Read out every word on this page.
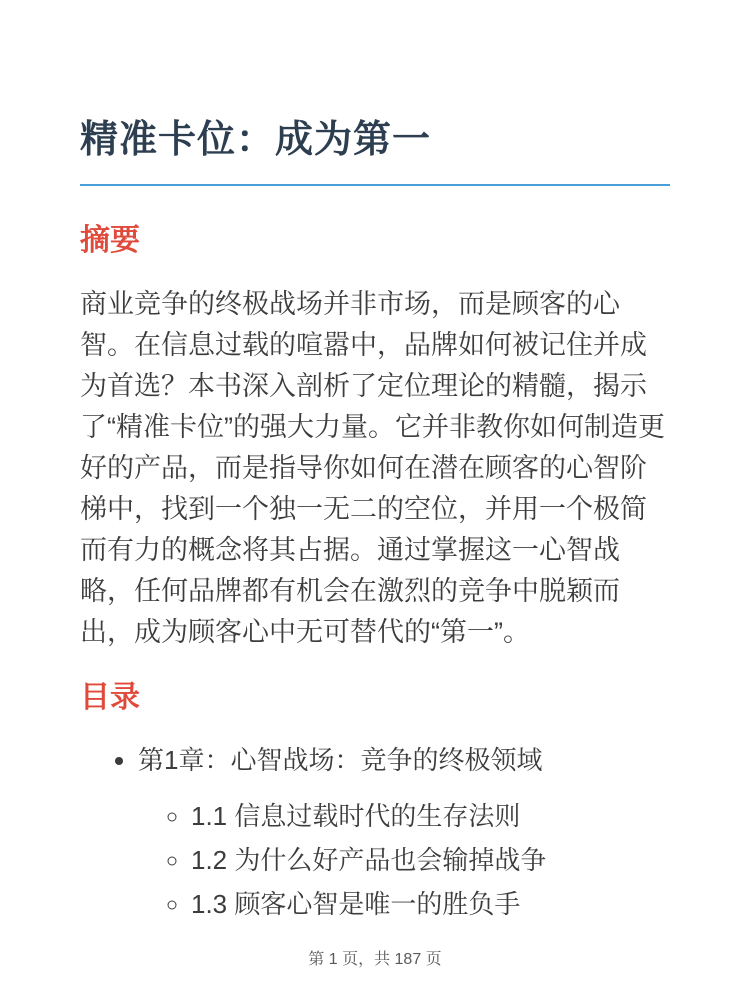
精准卡位：成为第一
摘要

商业竞争的终极战场并非市场，而是顾客的心智。在信息过载的喧嚣中，品牌如何被记住并成为首选？本书深入剖析了定位理论的精髓，揭示了“精准卡位”的强大力量。它并非教你如何制造更好的产品，而是指导你如何在潜在顾客的心智阶梯中，找到一个独一无二的空位，并用一个极简而有力的概念将其占据。通过掌握这一心智战略，任何品牌都有机会在激烈的竞争中脱颖而出，成为顾客心中无可替代的“第一”。

目录
• 第1章：心智战场：竞争的终极领域
◦ 1.1 信息过载时代的生存法则
◦ 1.2 为什么好产品也会输掉战争
◦ 1.3 顾客心智是唯一的胜负手
第 1 页，共 187 页
